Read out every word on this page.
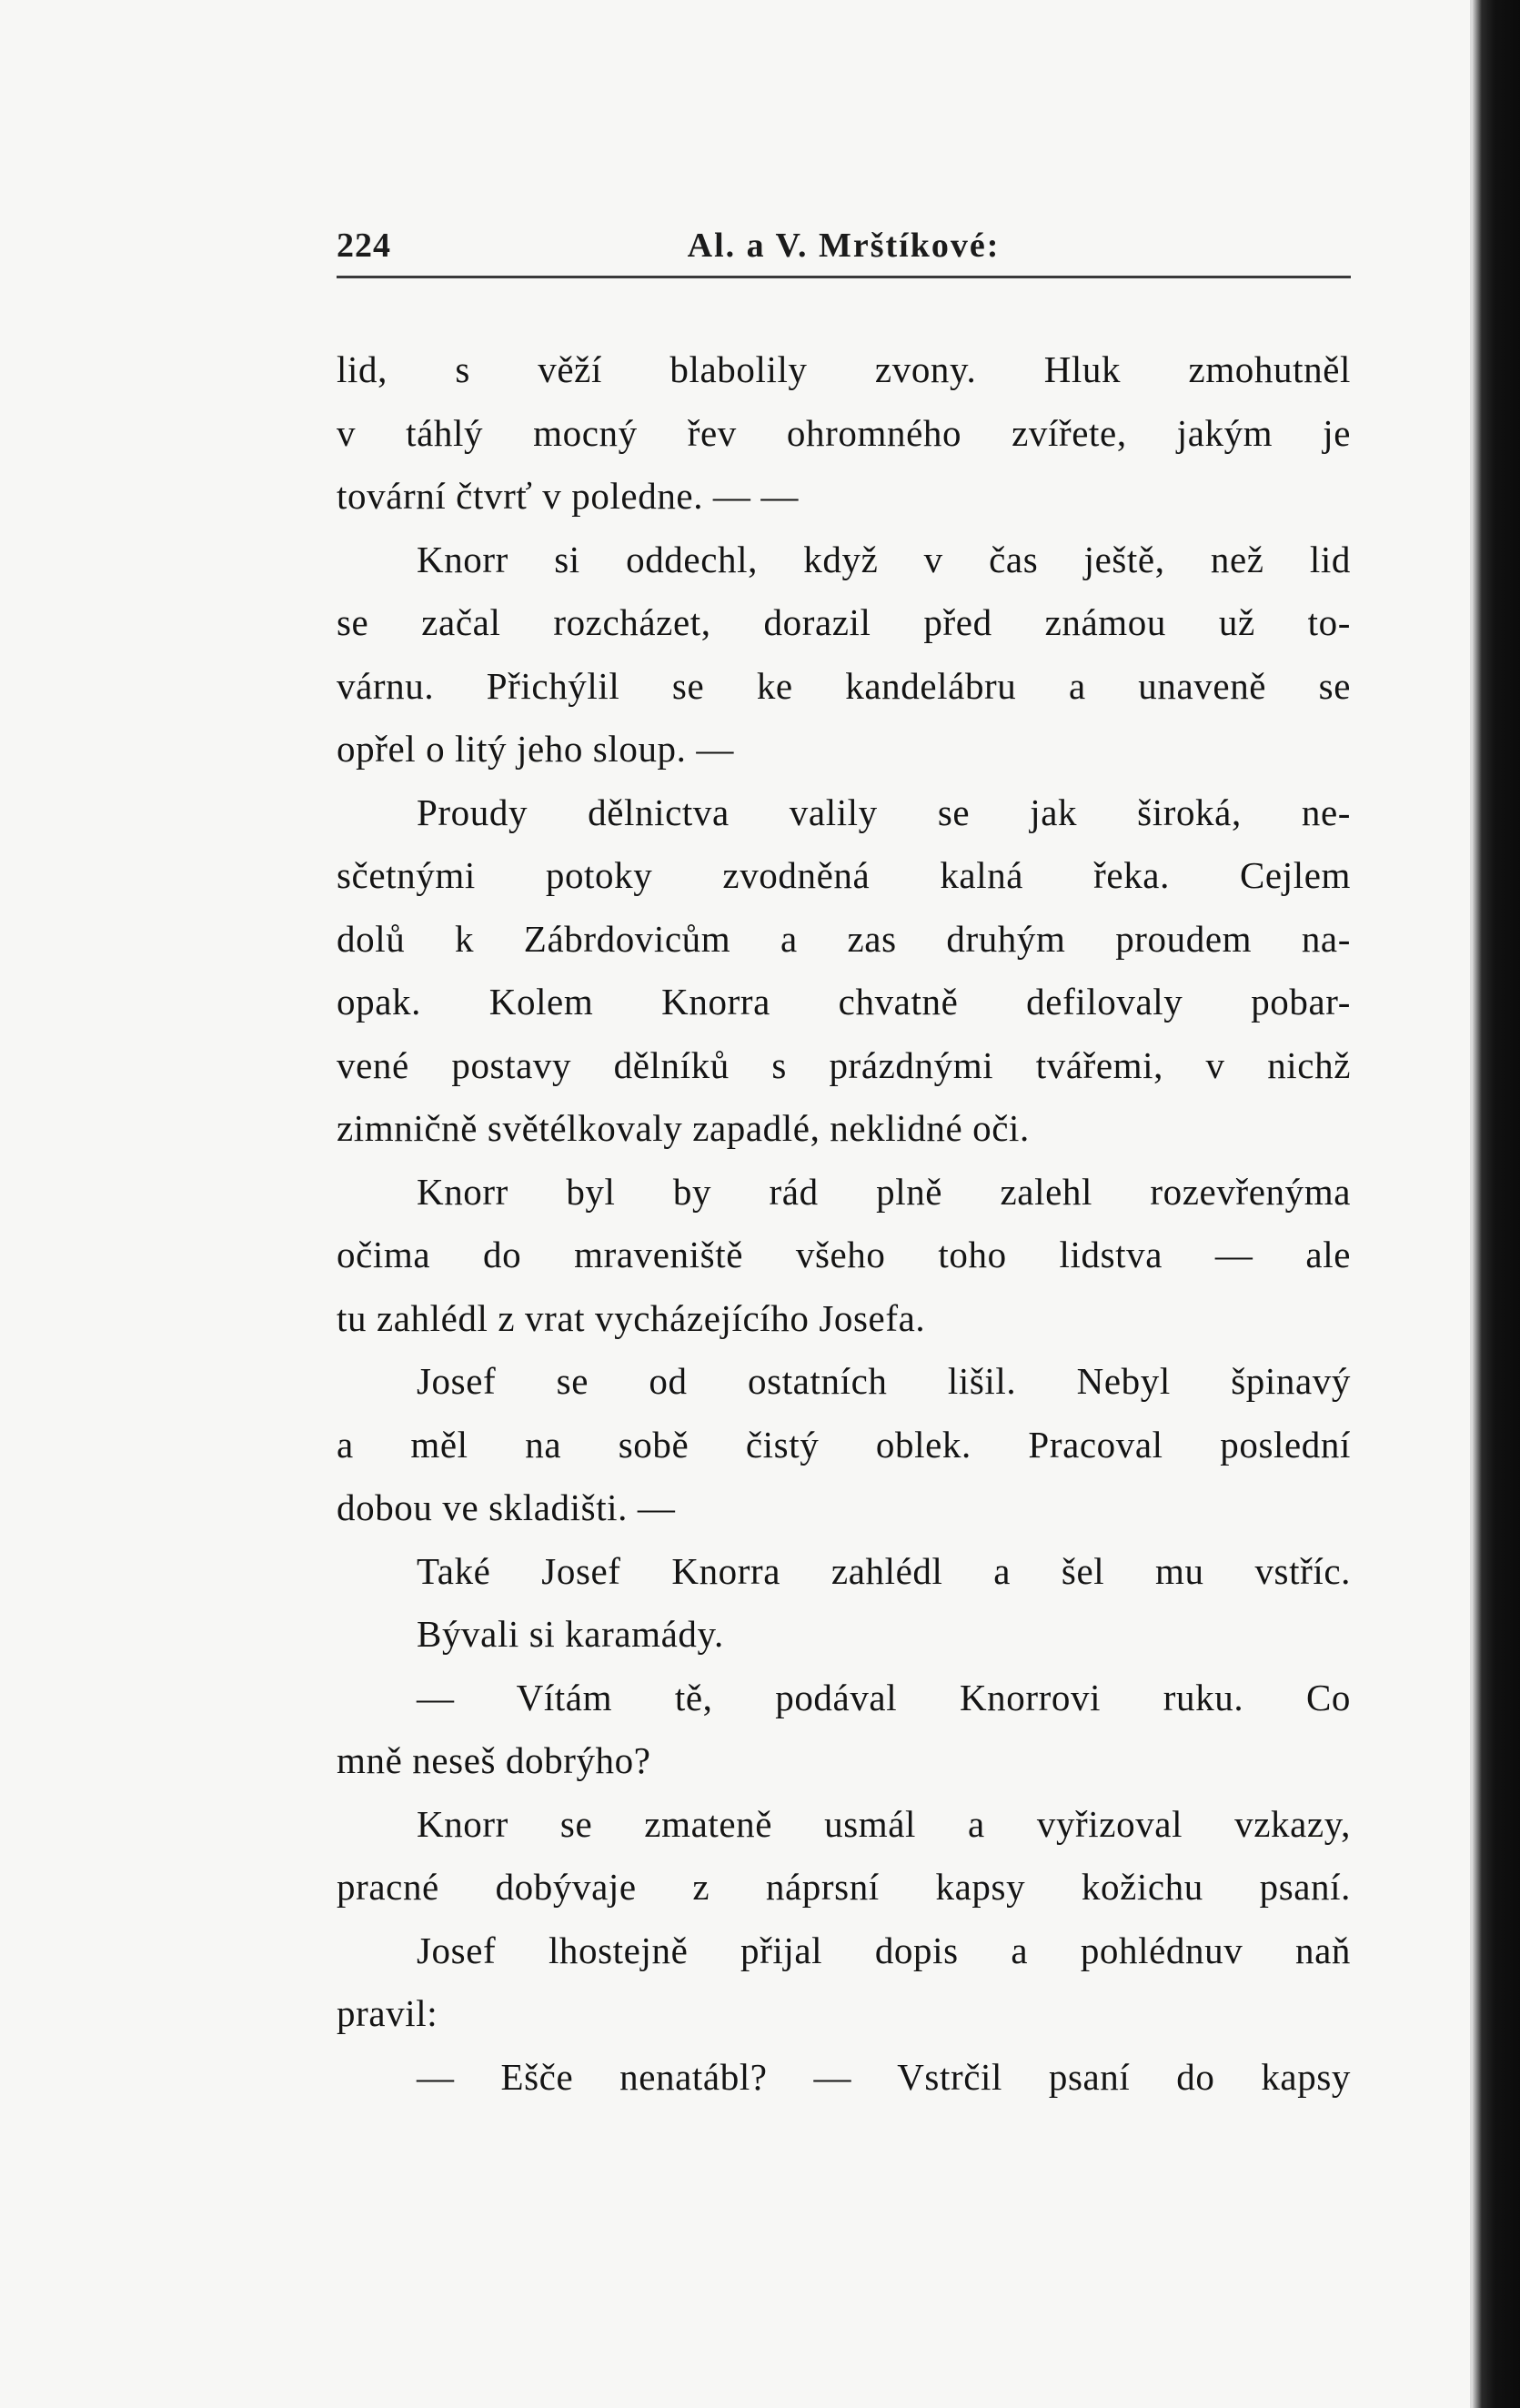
224	Al. a V. Mrštíkové:
lid, s věží blabolily zvony. Hluk zmohutněl
v táhlý mocný řev ohromného zvířete, jakým je
tovární čtvrť v poledne. — —
Knorr si oddechl, když v čas ještě, než lid
se začal rozcházet, dorazil před známou už to-
várnu. Přichýlil se ke kandelábru a unaveně se
opřel o litý jeho sloup. —
Proudy dělnictva valily se jak široká, ne-
sčetnými potoky zvodněná kalná řeka. Cejlem
dolů k Zábrdovicům a zas druhým proudem na-
opak. Kolem Knorra chvatně defilovaly pobar-
vené postavy dělníků s prázdnými tvářemi, v nichž
zimničně světélkovaly zapadlé, neklidné oči.
Knorr byl by rád plně zalehl rozevřenýma
očima do mraveniště všeho toho lidstva — ale
tu zahlédl z vrat vycházejícího Josefa.
Josef se od ostatních lišil. Nebyl špinavý
a měl na sobě čistý oblek. Pracoval poslední
dobou ve skladišti. —
Také Josef Knorra zahlédl a šel mu vstříc.
Bývali si karamády.
— Vítám tě, podával Knorrovi ruku. Co
mně neseš dobrýho?
Knorr se zmateně usmál a vyřizoval vzkazy,
pracné dobývaje z náprsní kapsy kožichu psaní.
Josef lhostejně přijal dopis a pohlédnuv naň
pravil:
— Ešče nenatábl? — Vstrčil psaní do kapsy
